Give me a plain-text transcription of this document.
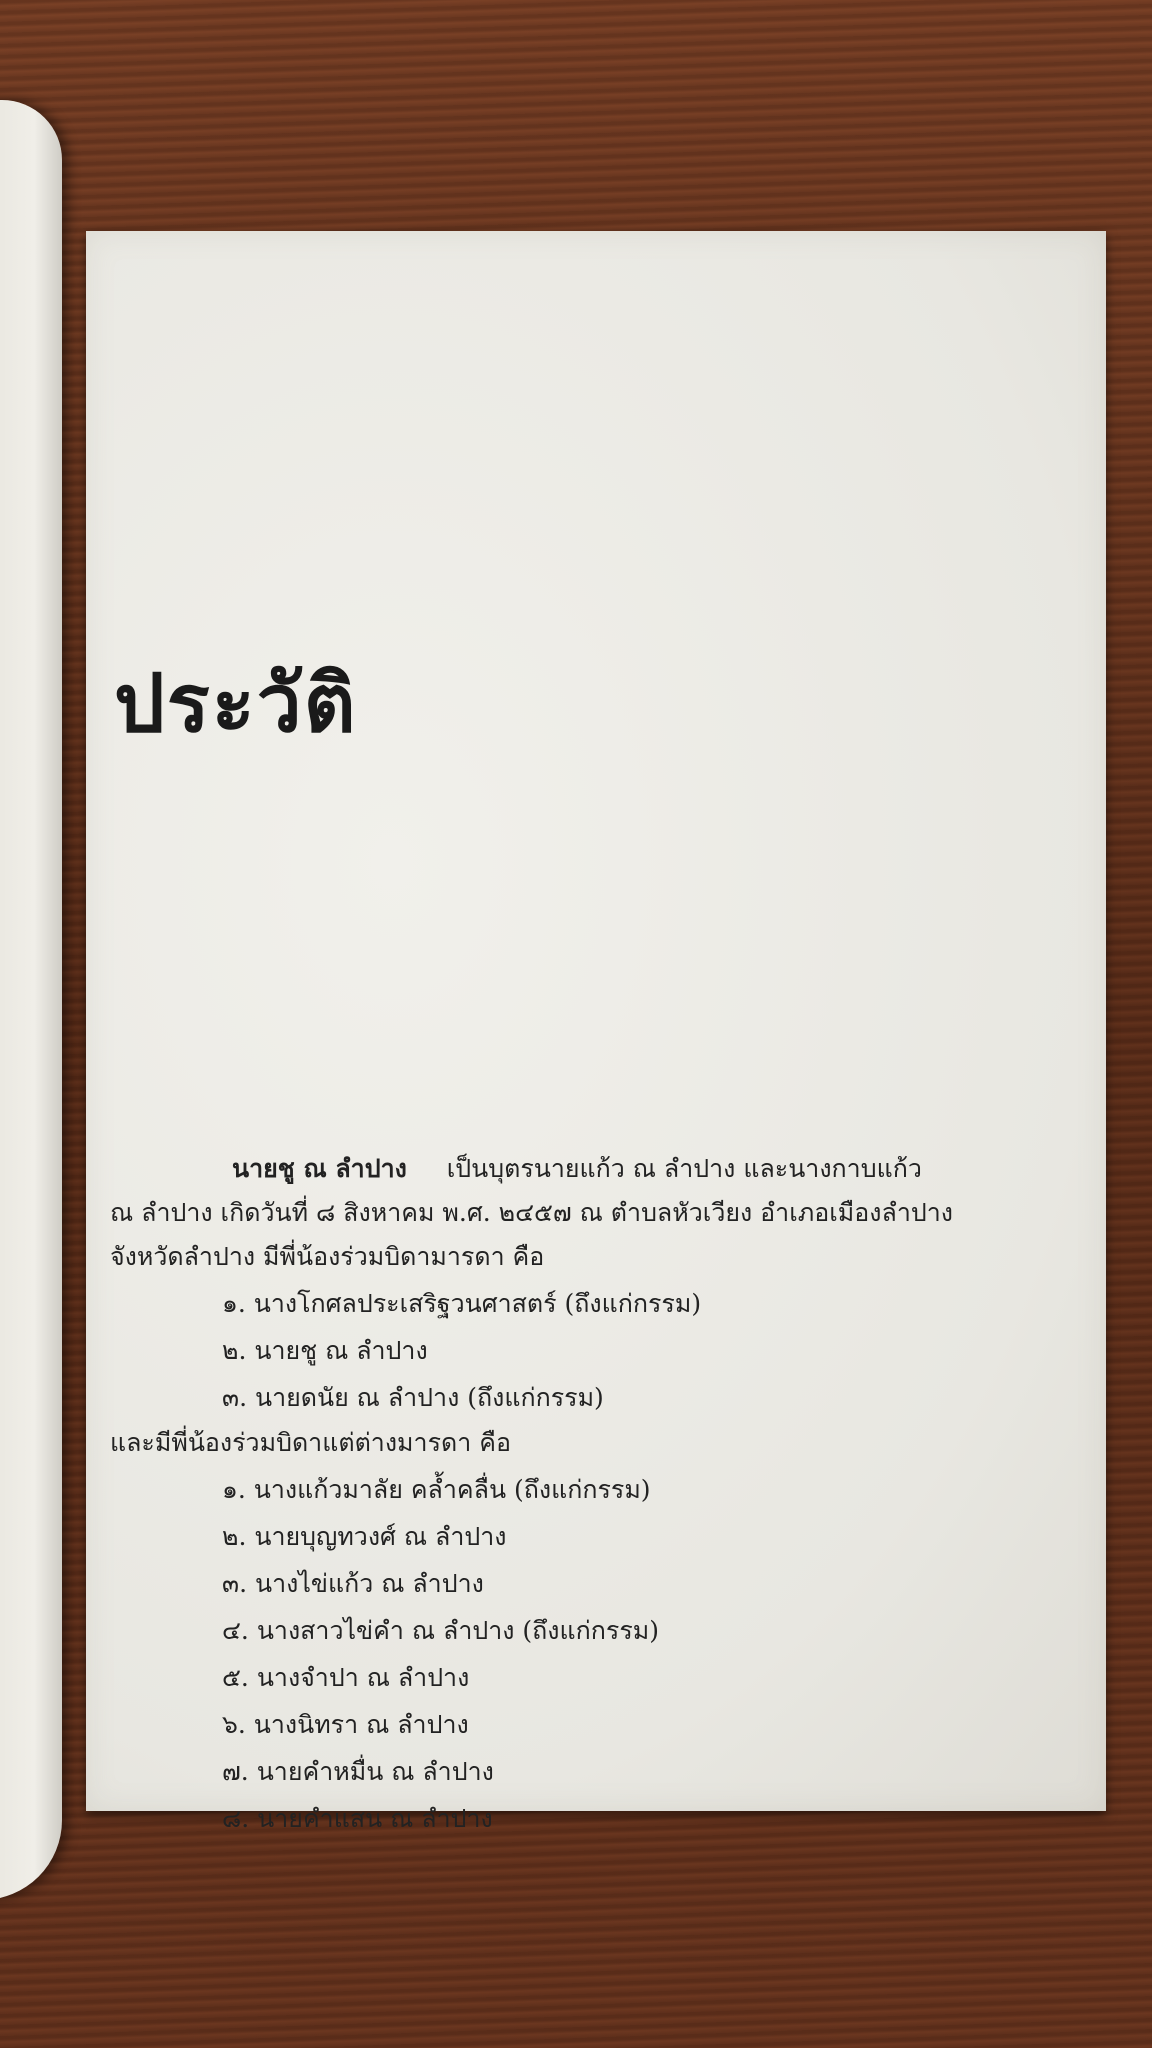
ประวัติ
นายชู ณ ลำปาง เป็นบุตรนายแก้ว ณ ลำปาง และนางกาบแก้ว
ณ ลำปาง เกิดวันที่ ๘ สิงหาคม พ.ศ. ๒๔๕๗ ณ ตำบลหัวเวียง อำเภอเมืองลำปาง
จังหวัดลำปาง มีพี่น้องร่วมบิดามารดา คือ
๑. นางโกศลประเสริฐวนศาสตร์ (ถึงแก่กรรม)
๒. นายชู ณ ลำปาง
๓. นายดนัย ณ ลำปาง (ถึงแก่กรรม)
และมีพี่น้องร่วมบิดาแต่ต่างมารดา คือ
๑. นางแก้วมาลัย คล้ำคลื่น (ถึงแก่กรรม)
๒. นายบุญทวงศ์ ณ ลำปาง
๓. นางไข่แก้ว ณ ลำปาง
๔. นางสาวไข่คำ ณ ลำปาง (ถึงแก่กรรม)
๕. นางจำปา ณ ลำปาง
๖. นางนิทรา ณ ลำปาง
๗. นายคำหมื่น ณ ลำปาง
๘. นายคำแสน ณ ลำปาง
